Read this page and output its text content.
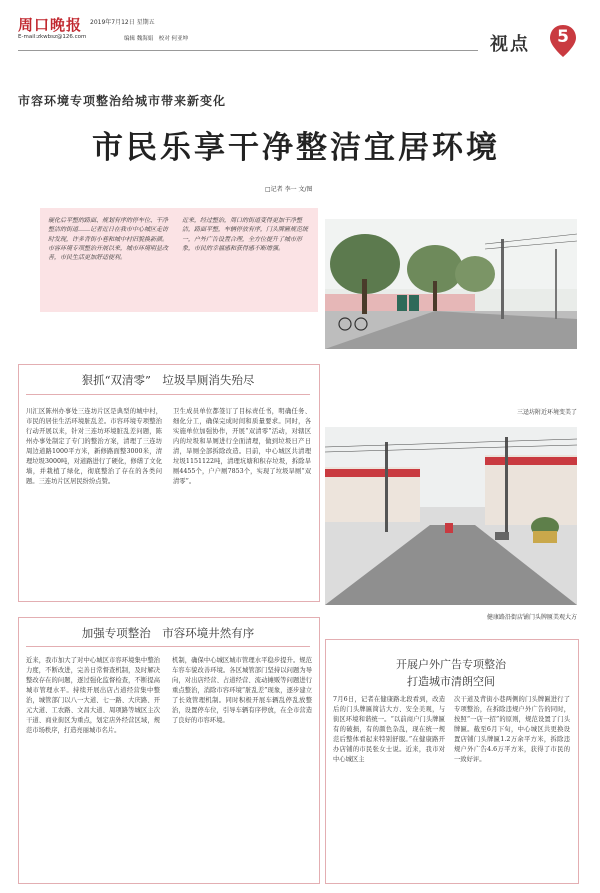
周口晚报 2019年7月12日 星期五
E-mail:zkwbsz@126.com	编辑 魏海娟　校对 何亚坤	视点	5
市容环境专项整治给城市带来新变化
市民乐享干净整洁宜居环境
□记者 李一 文/图
硬化后平整的路面、规划有序的停车位、干净整洁的街道……记者近日在我市中心城区走访时发现，许多背街小巷和城中村旧貌换新颜。市容环境专项整治开展以来，城市环境明显改善，市民生活更加舒适便利。
近来，经过整治，周口的街道变得更加干净整洁，路面平整，车辆停放有序，门头牌匾规范统一，户外广告设置合理，全方位提升了城市形象，市民的幸福感和获得感不断增强。
三迳坊附近环境变美了
健康路沿街店铺门头牌匾美观大方
狠抓“双清零”　垃圾旱厕消失殆尽
川汇区陈州办事处三连坊片区是典型的城中村，市民的居住生活环境脏乱差。市容环境专项整治行动开展以来，针对三连坊环境脏乱差问题，陈州办事处制定了专门的整治方案，清理了三连坊周边道路1000平方米，新修路面整3000米，清理垃圾3000吨，对道路进行了硬化，修缮了文化墙，并栽植了绿化，彻底整治了存在的各类问题。三连坊片区居民纷纷点赞。
卫生成员单位都签订了目标责任书，明确任务、细化分工，确保完成时间和质量要求。同时，各实施单位加强协作，开展“双清零”活动，对辖区内的垃圾和旱厕进行全面清理，做到垃圾日产日清，旱厕全部拆除改造。目前，中心城区共清理垃圾1151122吨，清理坑塘和积存垃圾，拆除旱厕4455个，户户厕7853个，实现了垃圾旱厕“双清零”。
加强专项整治　市容环境井然有序
近来，我市加大了对中心城区市容环境集中整治力度，不断改进，完善日常督查机制，及时解决整改存在的问题，逐过强化监督检查，不断提高城市管理水平。持续开展出店占道经营集中整治，城管部门以八一大道、七一路、大庆路、开元大道、工农路、文昌大道、周项路等城区主次干道、商业街区为重点，划定店外经营区域，规范市场秩序，打造亮丽城市名片。
机制，确保中心城区城市管理水平稳步提升。规范车容车貌改善环境。各区城管部门坚持以问题为导向，对出店经营、占道经营、流动摊贩等问题进行重点整治，消除市容环境“脏乱差”现象，逐步建立了长效管理机制。同时积极开展车辆乱停乱放整治，设置停车位，引导车辆有序停放，在全市营造了良好的市容环境。
开展户外广告专项整治
打造城市清朗空间
7月6日，记者在健康路北段看到，改造后的门头牌匾简洁大方、安全美观，与街区环境和谐统一。“以前商户门头牌匾有的破损，有的颜色杂乱，现在统一规范后整体看起来特别舒服。”在健康路开办店铺的市民张女士说。近来，我市对中心城区主
次干道及背街小巷两侧的门头牌匾进行了专项整治，在拆除违规户外广告的同时，按照“一店一招”的原则，规范设置了门头牌匾。截至6月下旬，中心城区共更换设置店铺门头牌匾1.2万余平方米，拆除违规户外广告4.6万平方米，获得了市民的一致好评。
